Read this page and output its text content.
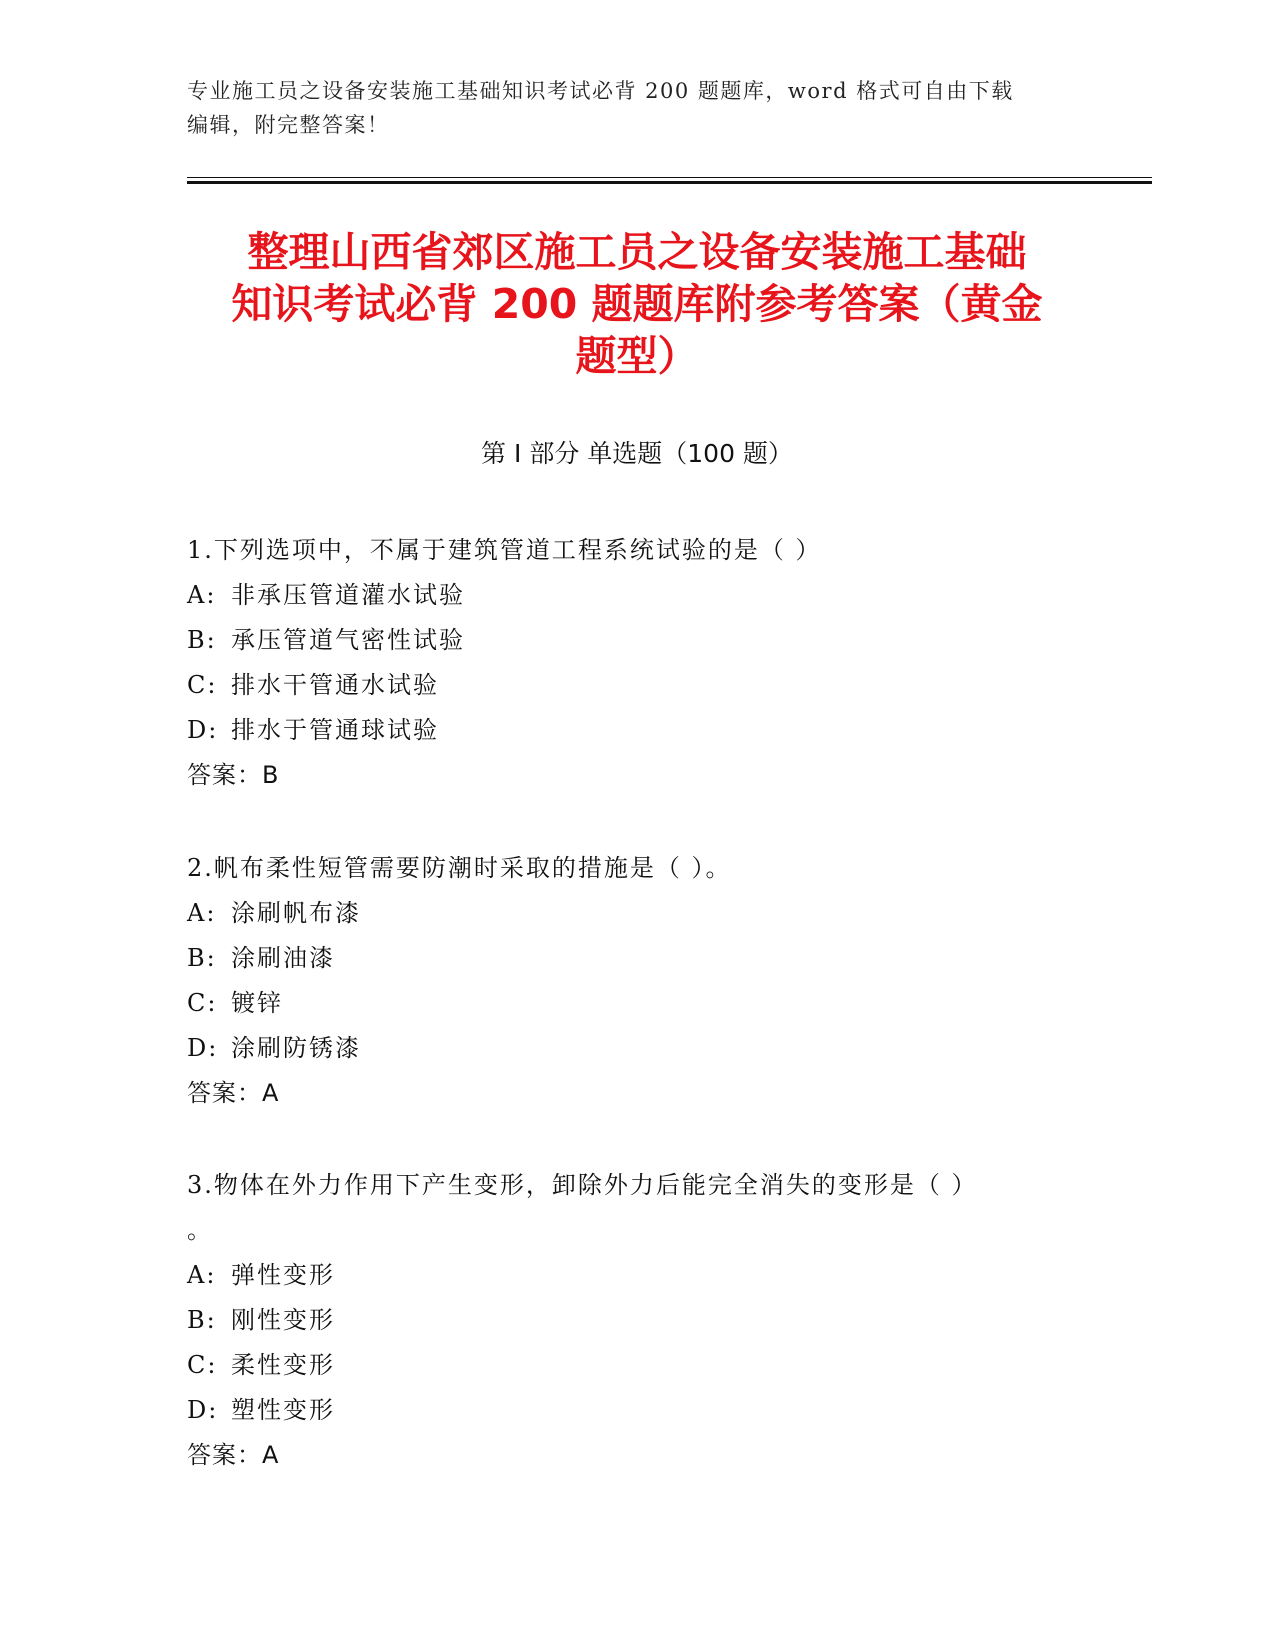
专业施工员之设备安装施工基础知识考试必背 200 题题库，word 格式可自由下载
编辑，附完整答案！
整理山西省郊区施工员之设备安装施工基础
知识考试必背 200 题题库附参考答案（黄金
题型）
第 I 部分 单选题（100 题）
1.下列选项中，不属于建筑管道工程系统试验的是（ ）
A: 非承压管道灌水试验
B: 承压管道气密性试验
C: 排水干管通水试验
D: 排水于管通球试验
答案：B
2.帆布柔性短管需要防潮时采取的措施是（ ）。
A: 涂刷帆布漆
B: 涂刷油漆
C: 镀锌
D: 涂刷防锈漆
答案：A
3.物体在外力作用下产生变形，卸除外力后能完全消失的变形是（ ）
。
A: 弹性变形
B: 刚性变形
C: 柔性变形
D: 塑性变形
答案：A
